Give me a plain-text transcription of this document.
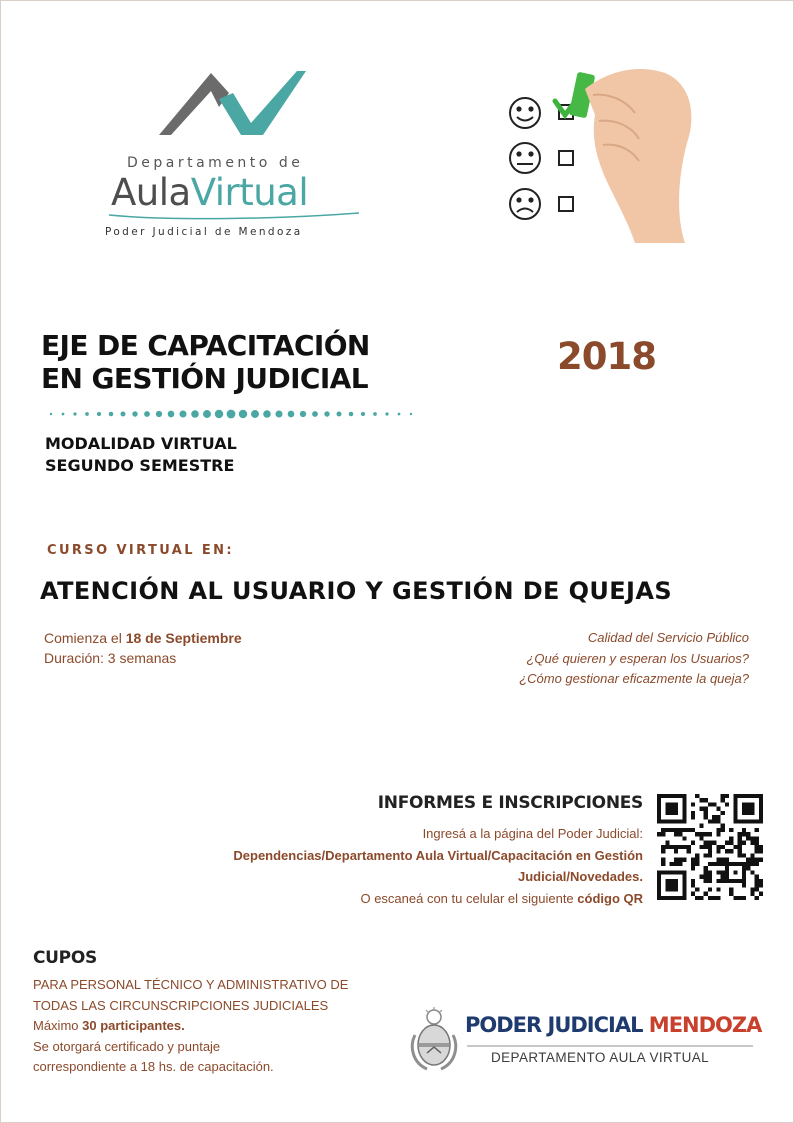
Departamento de
AulaVirtual
Poder Judicial de Mendoza
EJE DE CAPACITACIÓN
EN GESTIÓN JUDICIAL
2018
MODALIDAD VIRTUAL
SEGUNDO SEMESTRE
CURSO VIRTUAL EN:
ATENCIÓN AL USUARIO Y GESTIÓN DE QUEJAS
Comienza el 18 de Septiembre
Duración: 3 semanas
Calidad del Servicio Público
¿Qué quieren y esperan los Usuarios?
¿Cómo gestionar eficazmente la queja?
INFORMES E INSCRIPCIONES
Ingresá a la página del Poder Judicial:
Dependencias/Departamento Aula Virtual/Capacitación en Gestión
Judicial/Novedades.
O escaneá con tu celular el siguiente código QR
CUPOS
PARA PERSONAL TÉCNICO Y ADMINISTRATIVO DE
TODAS LAS CIRCUNSCRIPCIONES JUDICIALES
Máximo 30 participantes.
Se otorgará certificado y puntaje
correspondiente a 18 hs. de capacitación.
PODER JUDICIAL MENDOZA
DEPARTAMENTO AULA VIRTUAL
